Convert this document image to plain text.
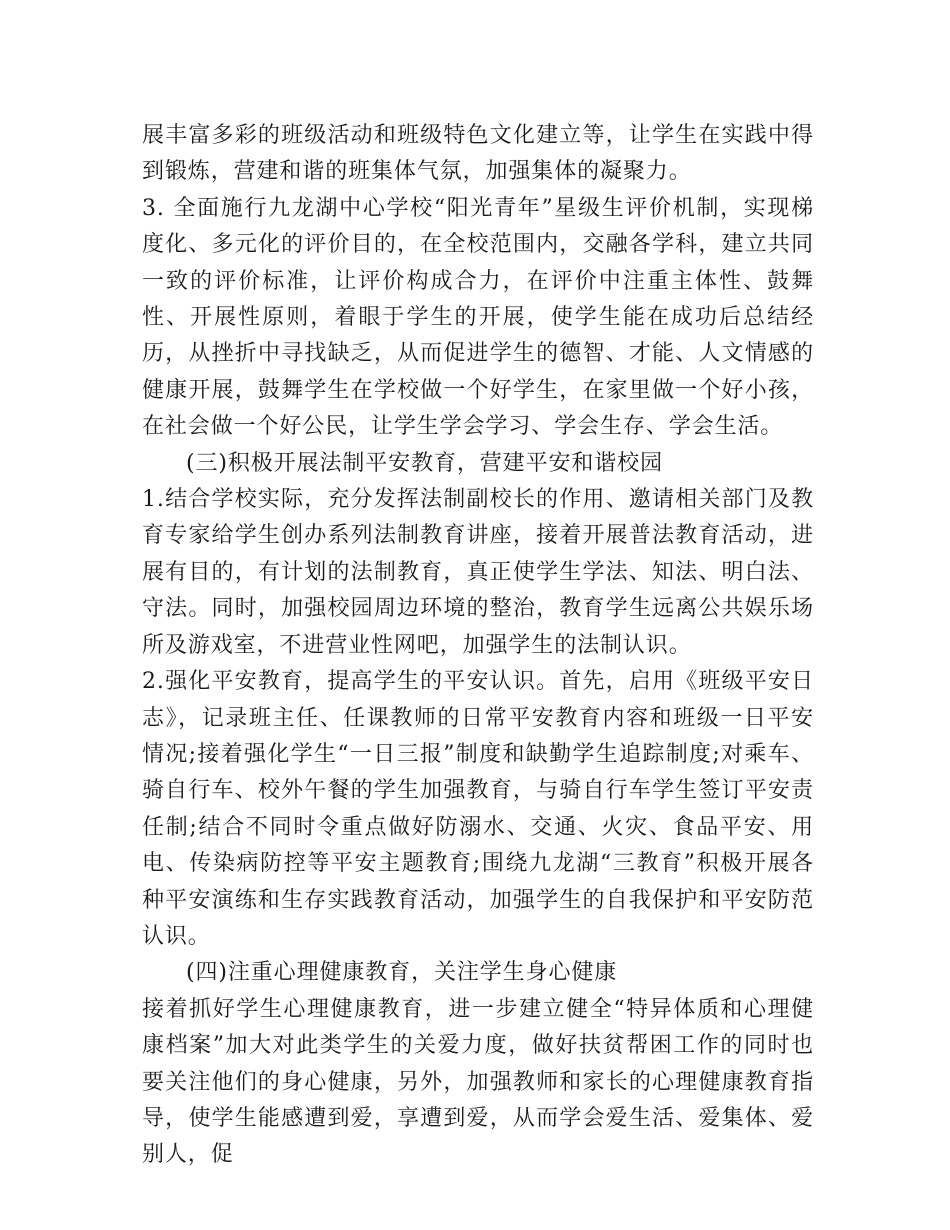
展丰富多彩的班级活动和班级特色文化建立等，让学生在实践中得到锻炼，营建和谐的班集体气氛，加强集体的凝聚力。

3. 全面施行九龙湖中心学校“阳光青年”星级生评价机制，实现梯度化、多元化的评价目的，在全校范围内，交融各学科，建立共同一致的评价标准，让评价构成合力，在评价中注重主体性、鼓舞性、开展性原则，着眼于学生的开展，使学生能在成功后总结经历，从挫折中寻找缺乏，从而促进学生的德智、才能、人文情感的健康开展，鼓舞学生在学校做一个好学生，在家里做一个好小孩，在社会做一个好公民，让学生学会学习、学会生存、学会生活。

(三)积极开展法制平安教育，营建平安和谐校园

1.结合学校实际，充分发挥法制副校长的作用、邀请相关部门及教育专家给学生创办系列法制教育讲座，接着开展普法教育活动，进展有目的，有计划的法制教育，真正使学生学法、知法、明白法、守法。同时，加强校园周边环境的整治，教育学生远离公共娱乐场所及游戏室，不进营业性网吧，加强学生的法制认识。

2.强化平安教育，提高学生的平安认识。首先，启用《班级平安日志》，记录班主任、任课教师的日常平安教育内容和班级一日平安情况;接着强化学生“一日三报”制度和缺勤学生追踪制度;对乘车、骑自行车、校外午餐的学生加强教育，与骑自行车学生签订平安责任制;结合不同时令重点做好防溺水、交通、火灾、食品平安、用电、传染病防控等平安主题教育;围绕九龙湖“三教育”积极开展各种平安演练和生存实践教育活动，加强学生的自我保护和平安防范认识。

(四)注重心理健康教育，关注学生身心健康

接着抓好学生心理健康教育，进一步建立健全“特异体质和心理健康档案”加大对此类学生的关爱力度，做好扶贫帮困工作的同时也要关注他们的身心健康，另外，加强教师和家长的心理健康教育指导，使学生能感遭到爱，享遭到爱，从而学会爱生活、爱集体、爱别人，促
